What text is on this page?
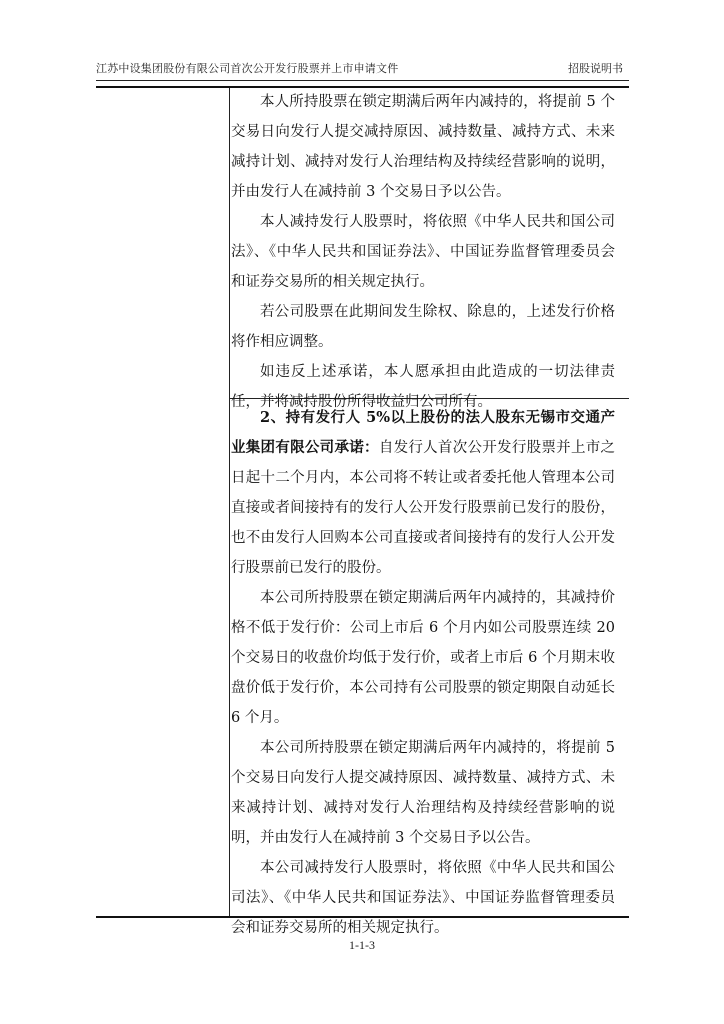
江苏中设集团股份有限公司首次公开发行股票并上市申请文件	招股说明书

本人所持股票在锁定期满后两年内减持的，将提前 5 个交易日向发行人提交减持原因、减持数量、减持方式、未来减持计划、减持对发行人治理结构及持续经营影响的说明，并由发行人在减持前 3 个交易日予以公告。

本人减持发行人股票时，将依照《中华人民共和国公司法》、《中华人民共和国证券法》、中国证券监督管理委员会和证券交易所的相关规定执行。

若公司股票在此期间发生除权、除息的，上述发行价格将作相应调整。

如违反上述承诺，本人愿承担由此造成的一切法律责任，并将减持股份所得收益归公司所有。

2、持有发行人 5%以上股份的法人股东无锡市交通产业集团有限公司承诺：自发行人首次公开发行股票并上市之日起十二个月内，本公司将不转让或者委托他人管理本公司直接或者间接持有的发行人公开发行股票前已发行的股份，也不由发行人回购本公司直接或者间接持有的发行人公开发行股票前已发行的股份。

本公司所持股票在锁定期满后两年内减持的，其减持价格不低于发行价：公司上市后 6 个月内如公司股票连续 20 个交易日的收盘价均低于发行价，或者上市后 6 个月期末收盘价低于发行价，本公司持有公司股票的锁定期限自动延长 6 个月。

本公司所持股票在锁定期满后两年内减持的，将提前 5 个交易日向发行人提交减持原因、减持数量、减持方式、未来减持计划、减持对发行人治理结构及持续经营影响的说明，并由发行人在减持前 3 个交易日予以公告。

本公司减持发行人股票时，将依照《中华人民共和国公司法》、《中华人民共和国证券法》、中国证券监督管理委员会和证券交易所的相关规定执行。

1-1-3
